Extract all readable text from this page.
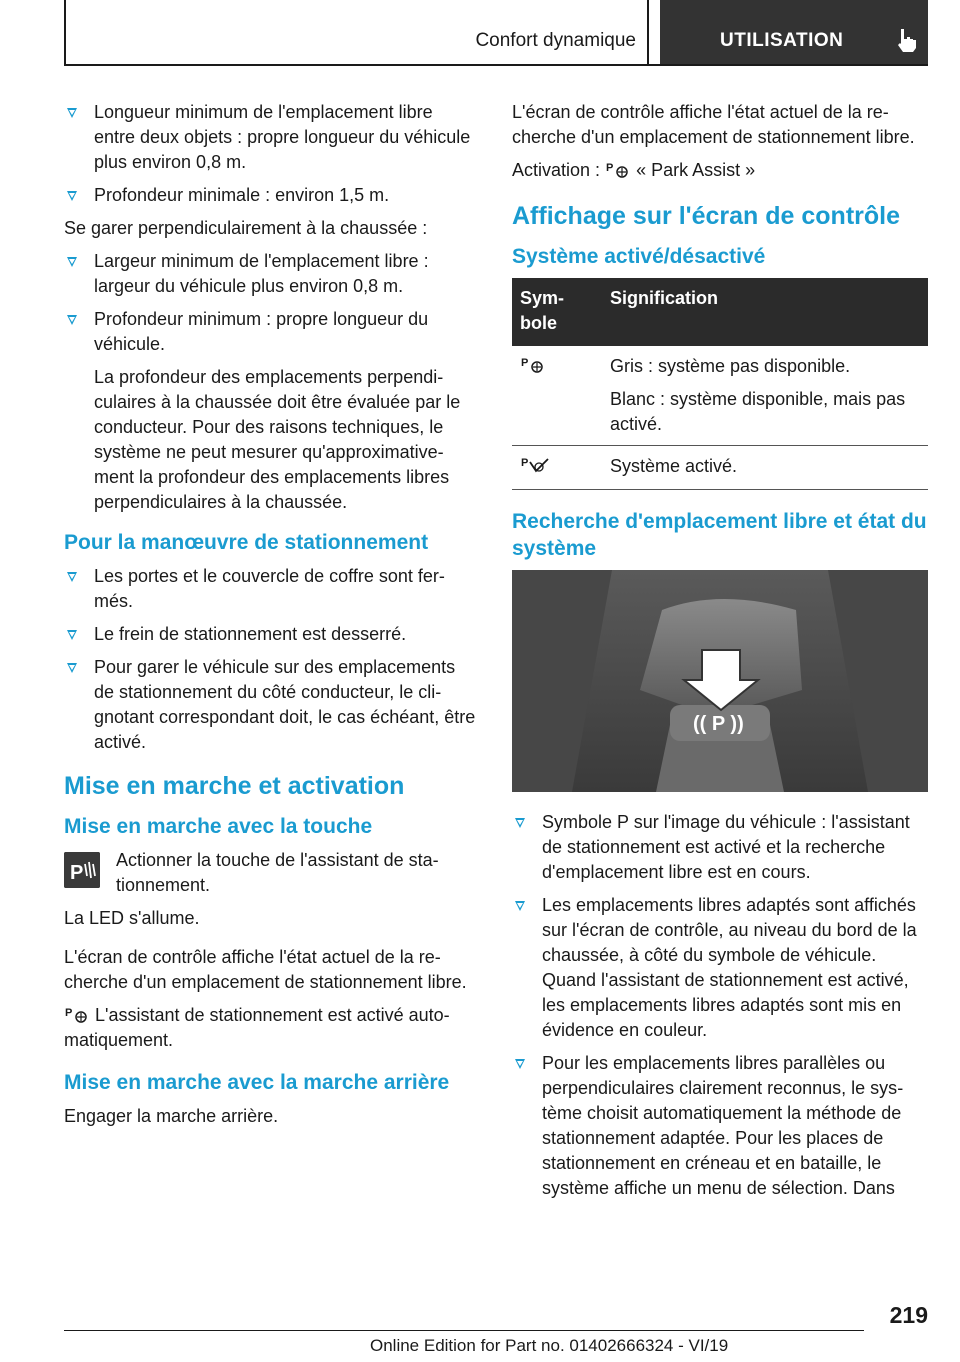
Confort dynamique	UTILISATION
Longueur minimum de l'emplacement libre entre deux objets : propre longueur du véhicule plus environ 0,8 m.
Profondeur minimale : environ 1,5 m.

Se garer perpendiculairement à la chaussée :

Largeur minimum de l'emplacement libre : largeur du véhicule plus environ 0,8 m.
Profondeur minimum : propre longueur du véhicule.

La profondeur des emplacements perpendiculaires à la chaussée doit être évaluée par le conducteur. Pour des raisons techniques, le système ne peut mesurer qu'approximativement la profondeur des emplacements libres perpendiculaires à la chaussée.

Pour la manœuvre de stationnement
Les portes et le couvercle de coffre sont fermés.
Le frein de stationnement est desserré.
Pour garer le véhicule sur des emplacements de stationnement du côté conducteur, le clignotant correspondant doit, le cas échéant, être activé.
Mise en marche et activation
Mise en marche avec la touche
P
Actionner la touche de l'assistant de stationnement.

La LED s'allume.

L'écran de contrôle affiche l'état actuel de la recherche d'un emplacement de stationnement libre.

P L'assistant de stationnement est activé automatiquement.

Mise en marche avec la marche arrière

Engager la marche arrière.

L'écran de contrôle affiche l'état actuel de la recherche d'un emplacement de stationnement libre.

Activation : P « Park Assist »

Affichage sur l'écran de contrôle
Système activé/désactivé
Symbole	Signification

P	Gris : système pas disponible.

Blanc : système disponible, mais pas activé.

P	Système activé.
Recherche d'emplacement libre et état du système
(( P ))
Symbole P sur l'image du véhicule : l'assistant de stationnement est activé et la recherche d'emplacement libre est en cours.
Les emplacements libres adaptés sont affichés sur l'écran de contrôle, au niveau du bord de la chaussée, à côté du symbole de véhicule. Quand l'assistant de stationnement est activé, les emplacements libres adaptés sont mis en évidence en couleur.
Pour les emplacements libres parallèles ou perpendiculaires clairement reconnus, le système choisit automatiquement la méthode de stationnement adaptée. Pour les places de stationnement en créneau et en bataille, le système affiche un menu de sélection. Dans
219
Online Edition for Part no. 01402666324 - VI/19
